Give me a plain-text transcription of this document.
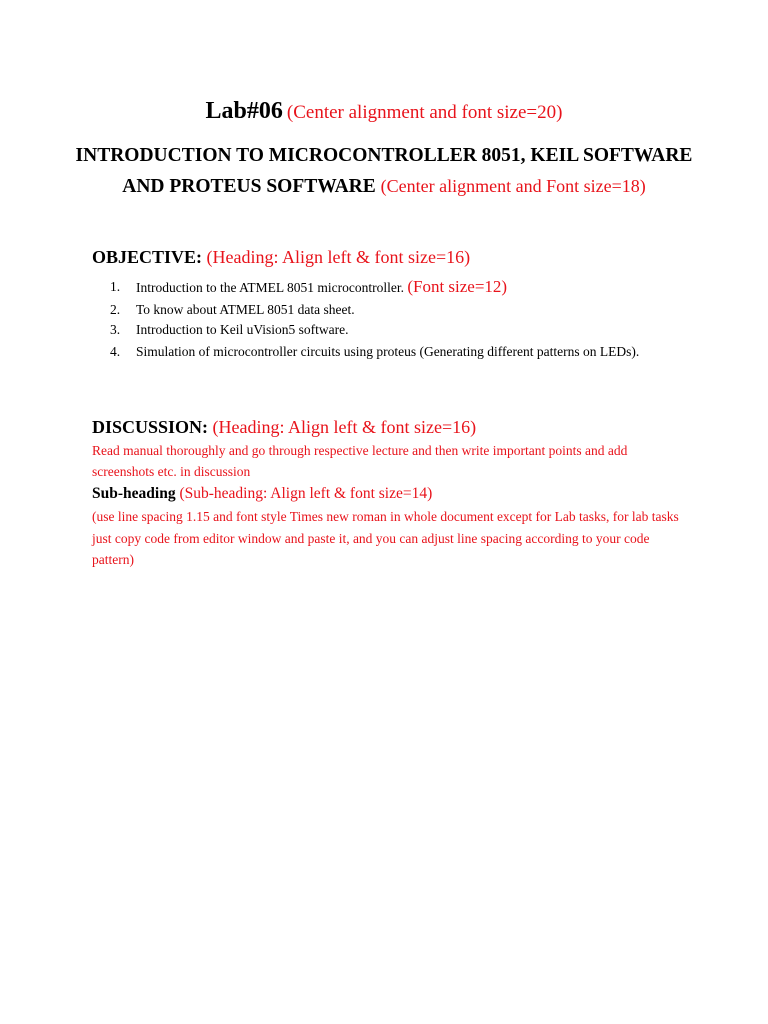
Lab#06 (Center alignment and font size=20)
INTRODUCTION TO MICROCONTROLLER 8051, KEIL SOFTWARE AND PROTEUS SOFTWARE (Center alignment and Font size=18)
OBJECTIVE: (Heading: Align left & font size=16)
1. Introduction to the ATMEL 8051 microcontroller. (Font size=12)
2. To know about ATMEL 8051 data sheet.
3. Introduction to Keil uVision5 software.
4. Simulation of microcontroller circuits using proteus (Generating different patterns on LEDs).
DISCUSSION: (Heading: Align left & font size=16)
Read manual thoroughly and go through respective lecture and then write important points and add screenshots etc. in discussion
Sub-heading (Sub-heading: Align left & font size=14)
(use line spacing 1.15 and font style Times new roman in whole document except for Lab tasks, for lab tasks just copy code from editor window and paste it, and you can adjust line spacing according to your code pattern)
